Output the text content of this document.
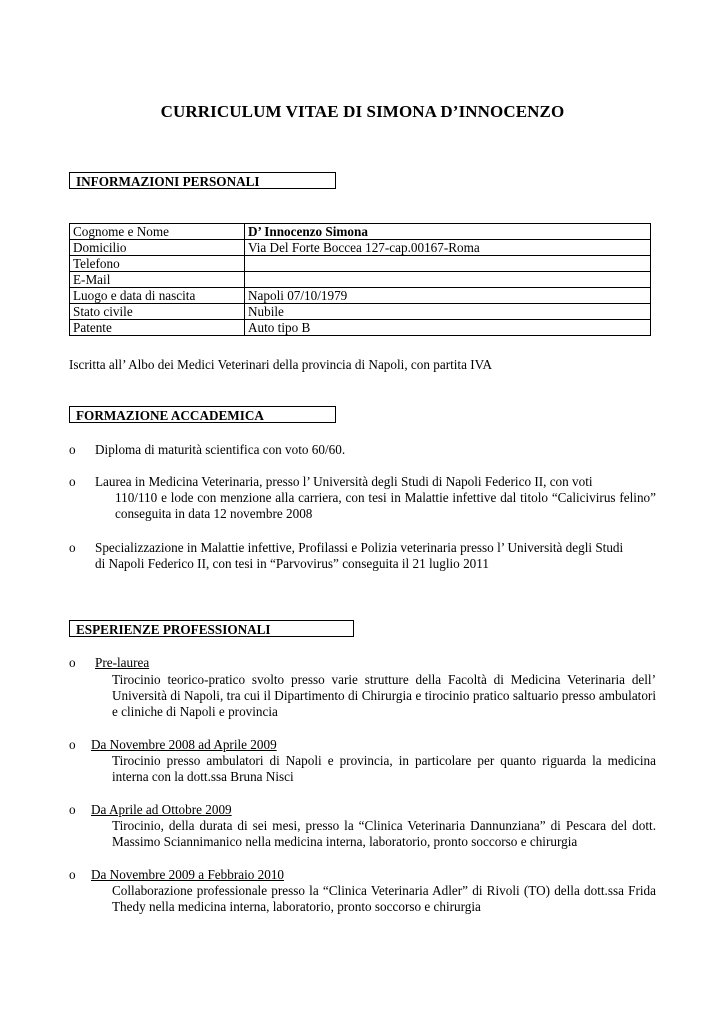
CURRICULUM VITAE DI SIMONA D’INNOCENZO
INFORMAZIONI PERSONALI
Cognome e Nome	D’ Innocenzo Simona
Domicilio	Via Del Forte Boccea 127-cap.00167-Roma
Telefono	
E-Mail	
Luogo e data di nascita	Napoli 07/10/1979
Stato civile	Nubile
Patente	Auto tipo B
Iscritta all’ Albo dei Medici Veterinari della provincia di Napoli, con partita IVA
FORMAZIONE ACCADEMICA
o	Diploma di maturità scientifica con voto 60/60.
o	Laurea in Medicina Veterinaria, presso l’ Università degli Studi di Napoli Federico II, con voti
110/110 e lode con menzione alla carriera, con tesi in Malattie infettive dal titolo “Calicivirus felino” conseguita in data 12 novembre 2008
o	Specializzazione in Malattie infettive, Profilassi e Polizia veterinaria presso l’ Università degli Studi
di Napoli Federico II, con tesi in “Parvovirus” conseguita il 21 luglio 2011
ESPERIENZE PROFESSIONALI
o	Pre-laurea
Tirocinio teorico-pratico svolto presso varie strutture della Facoltà di Medicina Veterinaria dell’ Università di Napoli, tra cui il Dipartimento di Chirurgia e tirocinio pratico saltuario presso ambulatori e cliniche di Napoli e provincia
o	Da Novembre 2008 ad Aprile 2009
Tirocinio presso ambulatori di Napoli e provincia, in particolare per quanto riguarda la medicina interna con la dott.ssa Bruna Nisci
o	Da Aprile ad Ottobre 2009
Tirocinio, della durata di sei mesi, presso la “Clinica Veterinaria Dannunziana” di Pescara del dott. Massimo Sciannimanico nella medicina interna, laboratorio, pronto soccorso e chirurgia
o	Da Novembre 2009 a Febbraio 2010
Collaborazione professionale presso la “Clinica Veterinaria Adler” di Rivoli (TO) della dott.ssa Frida Thedy nella medicina interna, laboratorio, pronto soccorso e chirurgia
